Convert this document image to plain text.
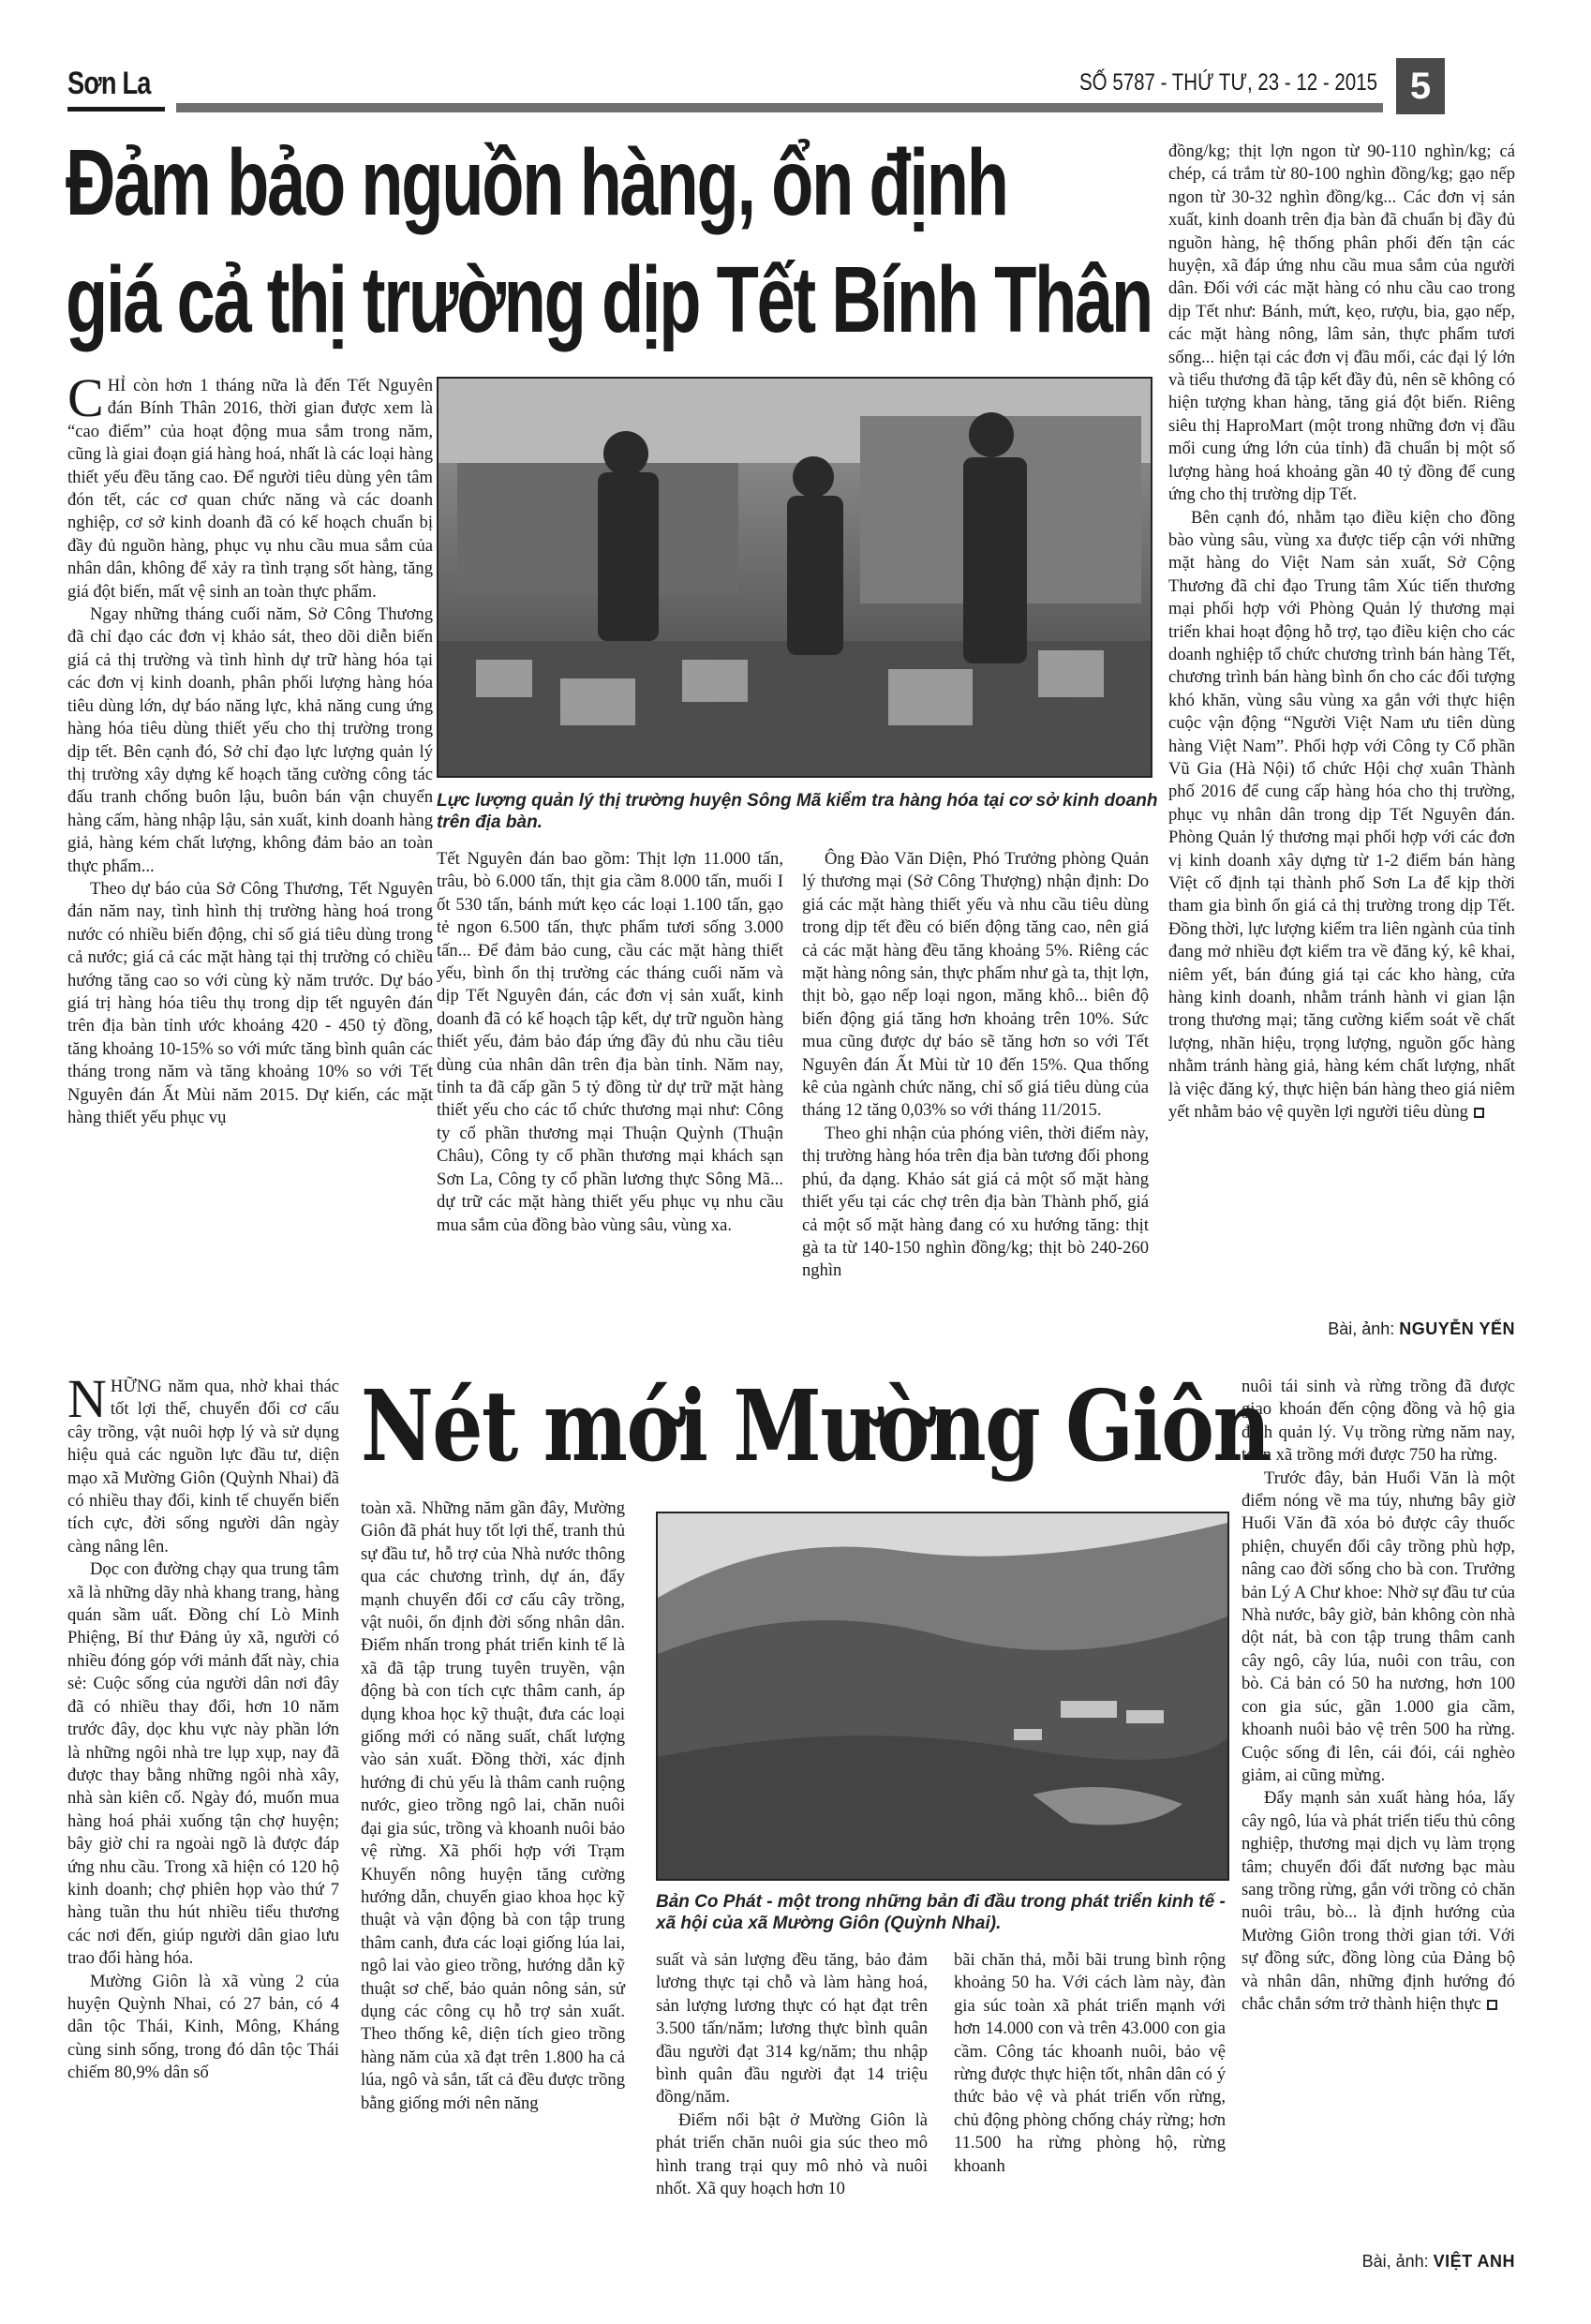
Sơn La	SỐ 5787 - THỨ TƯ, 23 - 12 - 2015 5
Đảm bảo nguồn hàng, ổn định
giá cả thị trường dịp Tết Bính Thân

CHỈ còn hơn 1 tháng nữa là đến Tết Nguyên đán Bính Thân 2016, thời gian được xem là “cao điểm” của hoạt động mua sắm trong năm, cũng là giai đoạn giá hàng hoá, nhất là các loại hàng thiết yếu đều tăng cao. Để người tiêu dùng yên tâm đón tết, các cơ quan chức năng và các doanh nghiệp, cơ sở kinh doanh đã có kế hoạch chuẩn bị đầy đủ nguồn hàng, phục vụ nhu cầu mua sắm của nhân dân, không để xảy ra tình trạng sốt hàng, tăng giá đột biến, mất vệ sinh an toàn thực phẩm.

Ngay những tháng cuối năm, Sở Công Thương đã chỉ đạo các đơn vị khảo sát, theo dõi diễn biến giá cả thị trường và tình hình dự trữ hàng hóa tại các đơn vị kinh doanh, phân phối lượng hàng hóa tiêu dùng lớn, dự báo năng lực, khả năng cung ứng hàng hóa tiêu dùng thiết yếu cho thị trường trong dịp tết. Bên cạnh đó, Sở chỉ đạo lực lượng quản lý thị trường xây dựng kế hoạch tăng cường công tác đấu tranh chống buôn lậu, buôn bán vận chuyển hàng cấm, hàng nhập lậu, sản xuất, kinh doanh hàng giả, hàng kém chất lượng, không đảm bảo an toàn thực phẩm...

Theo dự báo của Sở Công Thương, Tết Nguyên đán năm nay, tình hình thị trường hàng hoá trong nước có nhiều biến động, chỉ số giá tiêu dùng trong cả nước; giá cả các mặt hàng tại thị trường có chiều hướng tăng cao so với cùng kỳ năm trước. Dự báo giá trị hàng hóa tiêu thụ trong dịp tết nguyên đán trên địa bàn tỉnh ước khoảng 420 - 450 tỷ đồng, tăng khoảng 10-15% so với mức tăng bình quân các tháng trong năm và tăng khoảng 10% so với Tết Nguyên đán Ất Mùi năm 2015. Dự kiến, các mặt hàng thiết yếu phục vụ

Lực lượng quản lý thị trường huyện Sông Mã kiểm tra hàng hóa tại cơ sở kinh doanh trên địa bàn.

Tết Nguyên đán bao gồm: Thịt lợn 11.000 tấn, trâu, bò 6.000 tấn, thịt gia cầm 8.000 tấn, muối I ốt 530 tấn, bánh mứt kẹo các loại 1.100 tấn, gạo tẻ ngon 6.500 tấn, thực phẩm tươi sống 3.000 tấn... Để đảm bảo cung, cầu các mặt hàng thiết yếu, bình ổn thị trường các tháng cuối năm và dịp Tết Nguyên đán, các đơn vị sản xuất, kinh doanh đã có kế hoạch tập kết, dự trữ nguồn hàng thiết yếu, đảm bảo đáp ứng đầy đủ nhu cầu tiêu dùng của nhân dân trên địa bàn tỉnh. Năm nay, tỉnh ta đã cấp gần 5 tỷ đồng từ dự trữ mặt hàng thiết yếu cho các tổ chức thương mại như: Công ty cổ phần thương mại Thuận Quỳnh (Thuận Châu), Công ty cổ phần thương mại khách sạn Sơn La, Công ty cổ phần lương thực Sông Mã... dự trữ các mặt hàng thiết yếu phục vụ nhu cầu mua sắm của đồng bào vùng sâu, vùng xa.

Ông Đào Văn Diện, Phó Trưởng phòng Quản lý thương mại (Sở Công Thượng) nhận định: Do giá các mặt hàng thiết yếu và nhu cầu tiêu dùng trong dịp tết đều có biến động tăng cao, nên giá cả các mặt hàng đều tăng khoảng 5%. Riêng các mặt hàng nông sản, thực phẩm như gà ta, thịt lợn, thịt bò, gạo nếp loại ngon, măng khô... biên độ biến động giá tăng hơn khoảng trên 10%. Sức mua cũng được dự báo sẽ tăng hơn so với Tết Nguyên đán Ất Mùi từ 10 đến 15%. Qua thống kê của ngành chức năng, chỉ số giá tiêu dùng của tháng 12 tăng 0,03% so với tháng 11/2015.

Theo ghi nhận của phóng viên, thời điểm này, thị trường hàng hóa trên địa bàn tương đối phong phú, đa dạng. Khảo sát giá cả một số mặt hàng thiết yếu tại các chợ trên địa bàn Thành phố, giá cả một số mặt hàng đang có xu hướng tăng: thịt gà ta từ 140-150 nghìn đồng/kg; thịt bò 240-260 nghìn

đồng/kg; thịt lợn ngon từ 90-110 nghìn/kg; cá chép, cá trắm từ 80-100 nghìn đồng/kg; gạo nếp ngon từ 30-32 nghìn đồng/kg... Các đơn vị sản xuất, kinh doanh trên địa bàn đã chuẩn bị đầy đủ nguồn hàng, hệ thống phân phối đến tận các huyện, xã đáp ứng nhu cầu mua sắm của người dân. Đối với các mặt hàng có nhu cầu cao trong dịp Tết như: Bánh, mứt, kẹo, rượu, bia, gạo nếp, các mặt hàng nông, lâm sản, thực phẩm tươi sống... hiện tại các đơn vị đầu mối, các đại lý lớn và tiểu thương đã tập kết đầy đủ, nên sẽ không có hiện tượng khan hàng, tăng giá đột biến. Riêng siêu thị HaproMart (một trong những đơn vị đầu mối cung ứng lớn của tỉnh) đã chuẩn bị một số lượng hàng hoá khoảng gần 40 tỷ đồng để cung ứng cho thị trường dịp Tết.

Bên cạnh đó, nhằm tạo điều kiện cho đồng bào vùng sâu, vùng xa được tiếp cận với những mặt hàng do Việt Nam sản xuất, Sở Cộng Thương đã chỉ đạo Trung tâm Xúc tiến thương mại phối hợp với Phòng Quản lý thương mại triển khai hoạt động hỗ trợ, tạo điều kiện cho các doanh nghiệp tổ chức chương trình bán hàng Tết, chương trình bán hàng bình ổn cho các đối tượng khó khăn, vùng sâu vùng xa gắn với thực hiện cuộc vận động “Người Việt Nam ưu tiên dùng hàng Việt Nam”. Phối hợp với Công ty Cổ phần Vũ Gia (Hà Nội) tổ chức Hội chợ xuân Thành phố 2016 để cung cấp hàng hóa cho thị trường, phục vụ nhân dân trong dịp Tết Nguyên đán. Phòng Quản lý thương mại phối hợp với các đơn vị kinh doanh xây dựng từ 1-2 điểm bán hàng Việt cố định tại thành phố Sơn La để kịp thời tham gia bình ổn giá cả thị trường trong dịp Tết. Đồng thời, lực lượng kiểm tra liên ngành của tỉnh đang mở nhiều đợt kiểm tra về đăng ký, kê khai, niêm yết, bán đúng giá tại các kho hàng, cửa hàng kinh doanh, nhằm tránh hành vi gian lận trong thương mại; tăng cường kiểm soát về chất lượng, nhãn hiệu, trọng lượng, nguồn gốc hàng nhằm tránh hàng giả, hàng kém chất lượng, nhất là việc đăng ký, thực hiện bán hàng theo giá niêm yết nhằm bảo vệ quyền lợi người tiêu dùng

Bài, ảnh: NGUYỄN YẾN
Nét mới Mường Giôn

NHỮNG năm qua, nhờ khai thác tốt lợi thế, chuyển đổi cơ cấu cây trồng, vật nuôi hợp lý và sử dụng hiệu quả các nguồn lực đầu tư, diện mạo xã Mường Giôn (Quỳnh Nhai) đã có nhiều thay đổi, kinh tế chuyển biến tích cực, đời sống người dân ngày càng nâng lên.

Dọc con đường chạy qua trung tâm xã là những dãy nhà khang trang, hàng quán sầm uất. Đồng chí Lò Minh Phiệng, Bí thư Đảng ủy xã, người có nhiều đóng góp với mảnh đất này, chia sẻ: Cuộc sống của người dân nơi đây đã có nhiều thay đổi, hơn 10 năm trước đây, dọc khu vực này phần lớn là những ngôi nhà tre lụp xụp, nay đã được thay bằng những ngôi nhà xây, nhà sàn kiên cố. Ngày đó, muốn mua hàng hoá phải xuống tận chợ huyện; bây giờ chỉ ra ngoài ngõ là được đáp ứng nhu cầu. Trong xã hiện có 120 hộ kinh doanh; chợ phiên họp vào thứ 7 hàng tuần thu hút nhiều tiểu thương các nơi đến, giúp người dân giao lưu trao đổi hàng hóa.

Mường Giôn là xã vùng 2 của huyện Quỳnh Nhai, có 27 bản, có 4 dân tộc Thái, Kinh, Mông, Kháng cùng sinh sống, trong đó dân tộc Thái chiếm 80,9% dân số

toàn xã. Những năm gần đây, Mường Giôn đã phát huy tốt lợi thế, tranh thủ sự đầu tư, hỗ trợ của Nhà nước thông qua các chương trình, dự án, đẩy mạnh chuyển đổi cơ cấu cây trồng, vật nuôi, ổn định đời sống nhân dân. Điểm nhấn trong phát triển kinh tế là xã đã tập trung tuyên truyền, vận động bà con tích cực thâm canh, áp dụng khoa học kỹ thuật, đưa các loại giống mới có năng suất, chất lượng vào sản xuất. Đồng thời, xác định hướng đi chủ yếu là thâm canh ruộng nước, gieo trồng ngô lai, chăn nuôi đại gia súc, trồng và khoanh nuôi bảo vệ rừng. Xã phối hợp với Trạm Khuyến nông huyện tăng cường hướng dẫn, chuyển giao khoa học kỹ thuật và vận động bà con tập trung thâm canh, đưa các loại giống lúa lai, ngô lai vào gieo trồng, hướng dẫn kỹ thuật sơ chế, bảo quản nông sản, sử dụng các công cụ hỗ trợ sản xuất. Theo thống kê, diện tích gieo trồng hàng năm của xã đạt trên 1.800 ha cả lúa, ngô và sắn, tất cả đều được trồng bằng giống mới nên năng

Bản Co Phát - một trong những bản đi đầu trong phát triển kinh tế - xã hội của xã Mường Giôn (Quỳnh Nhai).

suất và sản lượng đều tăng, bảo đảm lương thực tại chỗ và làm hàng hoá, sản lượng lương thực có hạt đạt trên 3.500 tấn/năm; lương thực bình quân đầu người đạt 314 kg/năm; thu nhập bình quân đầu người đạt 14 triệu đồng/năm.

Điểm nổi bật ở Mường Giôn là phát triển chăn nuôi gia súc theo mô hình trang trại quy mô nhỏ và nuôi nhốt. Xã quy hoạch hơn 10

bãi chăn thả, mỗi bãi trung bình rộng khoảng 50 ha. Với cách làm này, đàn gia súc toàn xã phát triển mạnh với hơn 14.000 con và trên 43.000 con gia cầm. Công tác khoanh nuôi, bảo vệ rừng được thực hiện tốt, nhân dân có ý thức bảo vệ và phát triển vốn rừng, chủ động phòng chống cháy rừng; hơn 11.500 ha rừng phòng hộ, rừng khoanh

nuôi tái sinh và rừng trồng đã được giao khoán đến cộng đồng và hộ gia đình quản lý. Vụ trồng rừng năm nay, toàn xã trồng mới được 750 ha rừng.

Trước đây, bản Huổi Văn là một điểm nóng về ma túy, nhưng bây giờ Huổi Văn đã xóa bỏ được cây thuốc phiện, chuyển đổi cây trồng phù hợp, nâng cao đời sống cho bà con. Trưởng bản Lý A Chư khoe: Nhờ sự đầu tư của Nhà nước, bây giờ, bản không còn nhà dột nát, bà con tập trung thâm canh cây ngô, cây lúa, nuôi con trâu, con bò. Cả bản có 50 ha nương, hơn 100 con gia súc, gần 1.000 gia cầm, khoanh nuôi bảo vệ trên 500 ha rừng. Cuộc sống đi lên, cái đói, cái nghèo giảm, ai cũng mừng.

Đẩy mạnh sản xuất hàng hóa, lấy cây ngô, lúa và phát triển tiểu thủ công nghiệp, thương mại dịch vụ làm trọng tâm; chuyển đổi đất nương bạc màu sang trồng rừng, gắn với trồng cỏ chăn nuôi trâu, bò... là định hướng của Mường Giôn trong thời gian tới. Với sự đồng sức, đồng lòng của Đảng bộ và nhân dân, những định hướng đó chắc chắn sớm trở thành hiện thực

Bài, ảnh: VIỆT ANH
